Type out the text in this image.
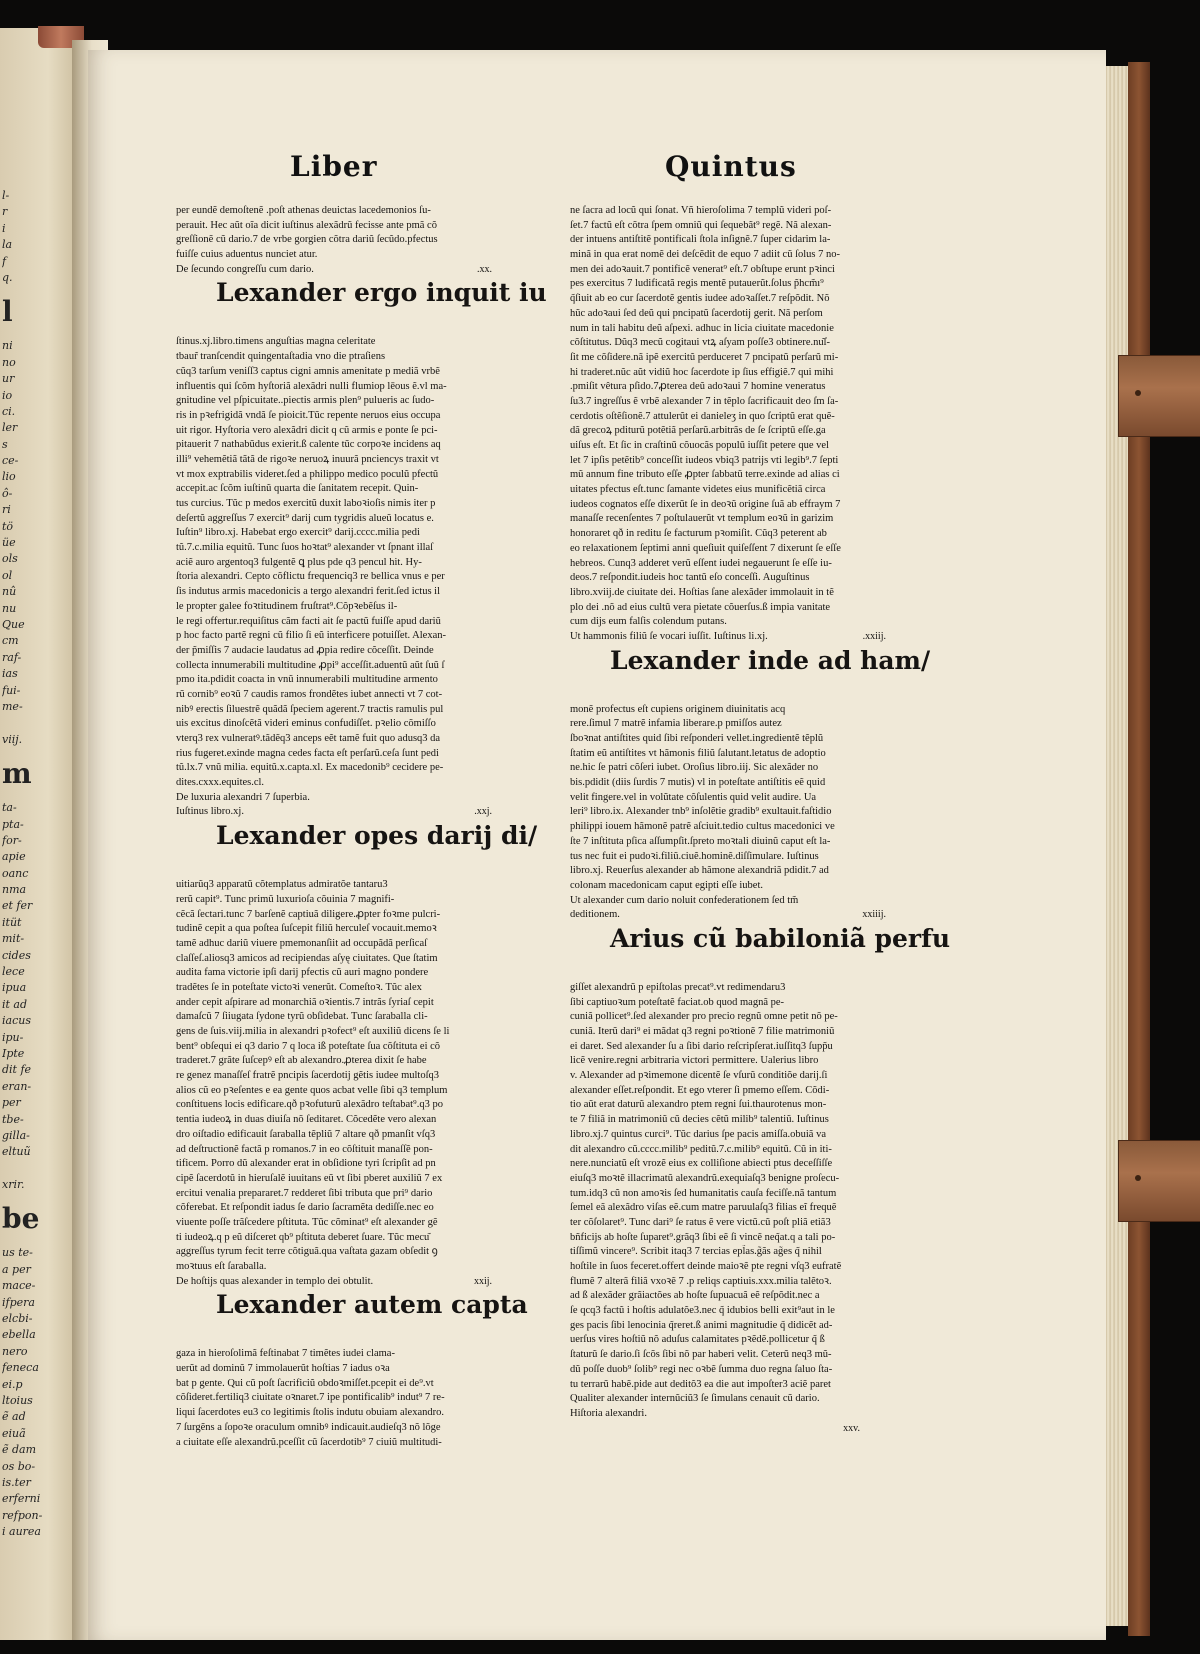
l-
r
i
la
f
q.
l
ni
no
ur
io
ci.
ler
s
ce-
lio
ô-
ri
tö
üe
ols
ol
nû
nu
Que
cm
raf-
ias
fui-
me-
viij.
m
ta-
pta-
for-
apie
oanc
nma
et fer
itüt
mit-
cides
lece
ipua
it ad
iacus
ipu-
Ipte
dit fe
eran-
per
tbe-
gilla-
eltuũ
xrir.
be
us te-
a per
mace-
ifpera
elcbi-
ebella
nero
feneca
ei.p
ltoius
ẽ ad
eiuã
ẽ dam
os bo-
is.ter
erferni
refpon-
i aurea
Liber	Quintus
per eundẽ demoſtenẽ .poſt athenas deuictas lacedemonios ſu-
perauit. Hec aũt oĩa dicit iuſtinus alexãdrũ fecisse ante pmã cõ
greſſionẽ cũ dario.7 de vrbe gorgien cõtra dariũ ſecũdo.pfectus
fuiſſe cuius aduentus nunciet atur.
De ſecundo congreſſu cum dario.	.xx.
Lexander ergo inquit iu
ſtinus.xj.libro.timens anguſtias magna celeritate
tbaur̃ tranſcendit quingentaſtadia vno die ptraſiens
cũq3 tarſum veniſſ3 captus cigni amnis amenitate p mediã vrbẽ
influentis qui ſcõm hyſtoriã alexãdri nulli flumiop lēous ẽ.vl ma-
gnitudine vel pſpicuitate..piectis armis plen⁹ pulueris ac ſudo-
ris in pꝛefrigidã vndã ſe pioicit.Tũc repente neruos eius occupa
uit rigor. Hyſtoria vero alexãdri dicit q cũ armis e ponte ſe pci-
pitauerit 7 nathabũdus exierit.ß calente tũc corpoꝛe incidens aq
illi⁹ vehemẽtiã tãtã de rigoꝛe neruoꝝ inuurã pnciencys traxit vt
vt mox exptrabilis videret.ſed a philippo medico poculũ pfectũ
accepit.ac ſcõm iuſtinũ quarta die ſanitatem recepit. Quin-
tus curcius. Tũc p medos exercitũ duxit laboꝛioſis nimis iter p
deſertũ aggreſſus 7 exercit⁹ darij cum tygridis alueũ locatus e.
Iuſtin⁹ libro.xj. Habebat ergo exercit⁹ darij.cccc.milia pedi
tũ.7.c.milia equitũ. Tunc ſuos hoꝛtat⁹ alexander vt ſpnant illaſ
aciẽ auro argentoq3 fulgentẽ ꝗ plus pde q3 pencul hit. Hy-
ſtoria alexandri. Cepto cõflictu frequenciq3 re bellica vnus e per
ſis indutus armis macedonicis a tergo alexandri ferit.ſed ictus il
le propter galee foꝛtitudinem fruſtrat⁹.Cõpꝛebẽſus il-
le regi offertur.requiſitus cãm facti ait ſe pactũ fuiſſe apud dariũ
p hoc facto partẽ regni cũ filio ſi eũ interficere potuiſſet. Alexan-
der p̃miſſis 7 audacie laudatus ad ꝓpia redire cõceſſit. Deinde
collecta innumerabili multitudine ꝓpi⁹ acceſſit.aduentũ aũt ſuũ ſ
pmo ita.pdidit coacta in vnũ innumerabili multitudine armento
rũ cornib⁹ eoꝛũ 7 caudis ramos frondẽtes iubet annecti vt 7 cot-
nibꝰ erectis ſiluestrẽ quãdã ſpeciem agerent.7 tractis ramulis pul
uis excitus dinoſcẽtã videri eminus confudiſſet. pꝛelio cõmiſſo
vterq3 rex vulneratꝰ.tãdẽq3 anceps eẽt tamẽ fuit quo adusq3 da
rius fugeret.exinde magna cedes facta eſt perſarũ.ceſa ſunt pedi
tũ.lx.7 vnũ milia. equitũ.x.capta.xl. Ex macedonib⁹ cecidere pe-
dites.cxxx.equites.cl.
De luxuria alexandri 7 ſuperbia.
Iuſtinus libro.xj.	.xxj.
Lexander opes darij di/
uitiarũq3 apparatũ cõtemplatus admiratõe tantaru3
rerũ capit⁹. Tunc primũ luxurioſa cõuinia 7 magnifi-
cẽcã ſectari.tunc 7 barſenẽ captiuã diligere.ꝓpter foꝛme pulcri-
tudinẽ cepit a qua poſtea ſuſcepit filiũ herculeſ vocauit.memoꝛ
tamẽ adhuc dariũ viuere pmemonanſiit ad occupãdã perſicaſ
claſſeſ.aliosq3 amicos ad recipiendas aſyę ciuitates. Que ſtatim
audita fama victorie ipſi darij pfectis cũ auri magno pondere
tradẽtes ſe in poteſtate victoꝛi venerũt. Comeſtoꝛ. Tũc alex
ander cepit aſpirare ad monarchiã oꝛientis.7 intrãs ſyriaſ cepit
damaſcũ 7 ſiiugata ſydone tyrũ obſidebat. Tunc ſaraballa cli-
gens de ſuis.viij.milia in alexandri pꝛofect⁹ eſt auxiliũ dicens ſe li
bent⁹ obſequi ei q3 dario 7 q loca iß poteſtate ſua cõſtituta ei cõ
traderet.7 grãte ſuſcepꝰ eſt ab alexandro.ꝓterea dixit ſe habe
re genez manaſſeſ fratrẽ pncipis ſacerdotij gẽtis iudee multoſq3
alios cũ eo pꝛeſentes e ea gente quos acbat velle ſibi q3 templum
conſtituens locis edificare.qð pꝛofuturũ alexãdro teſtabat⁹.q3 po
tentia iudeoꝝ in duas diuiſa nõ ſeditaret. Cõcedẽte vero alexan
dro oíſtadio edificauit ſaraballa tẽpliũ 7 altare qð pmanſit vſq3
ad deſtructionẽ factã p romanos.7 in eo cõſtituit manaſſẽ pon-
tificem. Porro dũ alexander erat in obſidione tyri ſcripſit ad pn
cipẽ ſacerdotũ in hieruſalẽ iuuitans eũ vt ſibi pberet auxiliũ 7 ex
ercitui venalia prepararet.7 redderet ſibi tributa que pri⁹ dario
cõferebat. Et reſpondit iadus ſe dario ſacramẽta dediſſe.nec eo
viuente poſſe trãſcedere pſtituta. Tũc cõminat⁹ eſt alexander gẽ
ti iudeoꝝ.q p eũ diſceret qb⁹ pſtituta deberet ſuare. Tũc mecu͂
aggreſſus tyrum fecit terre cõtiguã.qua vaſtata gazam obſedit ꝯ
moꝛtuus eſt ſaraballa.
De hoſtijs quas alexander in templo dei obtulit.	xxij.
Lexander autem capta
gaza in hieroſolimã feſtinabat 7 timẽtes iudei clama-
uerũt ad dominũ 7 immolauerũt hoſtias 7 iadus oꝛa
bat p gente. Qui cũ poſt ſacrificiũ obdoꝛmiſſet.pcepit ei de⁹.vt
cõſideret.fertiliq3 ciuitate oꝛnaret.7 ipe pontificalib⁹ indut⁹ 7 re-
liqui ſacerdotes eu3 co legitimis ſtolis indutu obuiam alexandro.
7 ſurgẽns a ſopoꝛe oraculum omnibꝰ indicauit.audieſq3 nõ lõge
a ciuitate eſſe alexandrũ.pceſſit cũ ſacerdotib⁹ 7 ciuiũ multitudi-
ne ſacra ad locũ qui ſonat. Vñ hieroſolima 7 templũ videri poſ-
ſet.7 factũ eſt cõtra ſpem omniũ qui ſequebãt⁹ regẽ. Nã alexan-
der intuens antiſtitẽ pontificali ſtola inſignẽ.7 ſuper cidarim la-
minã in qua erat nomẽ dei deſcẽdit de equo 7 adiit cũ ſolus 7 no-
men dei adoꝛauit.7 pontificẽ venerat⁹ eſt.7 obſtupe erunt pꝛinci
pes exercitus 7 ludificatã regis mentẽ putauerũt.ſolus p̃hcm̃ı⁹
q̃ſiuit ab eo cur ſacerdotẽ gentis iudee adoꝛaſſet.7 reſpõdit. Nõ
hũc adoꝛaui ſed deũ qui pncipatũ ſacerdotij gerit. Nã perſom
num in tali habitu deũ aſpexi. adhuc in licia ciuitate macedonie
cõſtitutus. Dũq3 mecũ cogitaui vtꝝ aſyam poſſe3 obtinere.nu͂ſ-
ſit me cõſidere.nã ipẽ exercitũ perduceret 7 pncipatũ perſarũ mi-
hi traderet.nũc aũt vidiũ hoc ſacerdote ip ſius effigiẽ.7 qui mihi
.pmiſit vêtura pſido.7ꝓterea deũ adoꝛaui 7 homine veneratus
ſu3.7 ingreſſus ẽ vrbẽ alexander 7 in tẽplo ſacrificauit deo ſm ſa-
cerdotis oſtẽſionẽ.7 attulerũt ei danieleʒ in quo ſcriptũ erat quẽ-
dã grecoꝝ pditurũ potẽtiã perſarũ.arbitrãs de ſe ſcriptũ eſſe.ga
uiſus eſt. Et ſic in craſtinũ cõuocãs populũ iuſſit petere que vel
let 7 ipſis petẽtib⁹ conceſſit iudeos vbiq3 patrijs vti legib⁹.7 ſepti
mũ annum fine tributo eſſe ꝓpter ſabbatũ terre.exinde ad alias ci
uitates pfectus eſt.tunc ſamante videtes eius munificẽtiã circa
iudeos cognatos eſſe dixerũt ſe in deoꝛũ origine ſuã ab effraym 7
manaſſe recenſentes 7 poſtulauerũt vt templum eoꝛũ in garizim
honoraret qð in reditu ſe facturum pꝛomiſit. Cũq3 peterent ab
eo relaxationem ſeptimi anni queſiuit quiſeſſent 7 dixerunt ſe eſſe
hebreos. Cunq3 adderet verũ eſſent iudei negauerunt ſe eſſe iu-
deos.7 reſpondit.iudeis hoc tantũ eſo conceſſi. Auguſtinus
libro.xviij.de ciuitate dei. Hoſtias ſane alexãder immolauit in tẽ
plo dei .nõ ad eius cultũ vera pietate cõuerſus.ß impia vanitate
cum dijs eum falſis colendum putans.
Ut hammonis filiũ ſe vocari iuſſit. Iuſtinus li.xj.	.xxiij.
Lexander inde ad ham/
monẽ profectus eſt cupiens originem diuinitatis acq
rere.ſimul 7 matrẽ infamia liberare.p pmiſſos autez
ſboꝛnat antiſtites quid ſibi reſponderi vellet.ingredientẽ tẽplũ
ſtatim eũ antiſtites vt hãmonis filiũ ſalutant.letatus de adoptio
ne.hic ſe patri cõſeri iubet. Oroſius libro.iij. Sic alexãder no
bis.pdidit (diis ſurdis 7 mutis) vl in poteſtate antiſtitis eẽ quid
velit fingere.vel in volũtate cõſulentis quid velit audire. Ua
leri⁹ libro.ix. Alexander tnb⁹ inſolẽtie gradib⁹ exultauit.faſtidio
philippi iouem hãmonẽ patrẽ aſciuit.tedio cultus macedonici ve
ſte 7 inſtituta pſica aſſumpſit.ſpreto moꝛtali diuinũ caput eſt la-
tus nec fuit ei pudoꝛi.filiũ.ciuẽ.hominẽ.diſſimulare. Iuſtinus
libro.xj. Reuerſus alexander ab hãmone alexandriã pdidit.7 ad
colonam macedonicam caput egipti eſſe iubet.
Ut alexander cum dario noluit confederationem ſed tm̃
deditionem.	xxiiij.
Arius cũ babiloniã perfu
giſſet alexandrũ p epiſtolas precat⁹.vt redimendaru3
ſibi captiuoꝛum poteſtatẽ faciat.ob quod magnã pe-
cuniã pollicet⁹.ſed alexander pro precio regnũ omne petit nõ pe-
cuniã. Iterũ dari⁹ ei mãdat q3 regni poꝛtionẽ 7 filie matrimoniũ
ei daret. Sed alexander ſu a ſibi dario reſcripſerat.iuſſitq3 ſupp̃u
licẽ venire.regni arbitraria victori permittere. Ualerius libro
v. Alexander ad pꝛimemone dicentẽ ſe vſurũ conditiõe darij.ſi
alexander eſſet.reſpondit. Et ego vterer ſi pmemo eſſem. Cõdi-
tio aũt erat daturũ alexandro ptem regni ſui.thaurotenus mon-
te 7 filiã in matrimoniũ cũ decies cẽtũ milib⁹ talentiũ. Iuſtinus
libro.xj.7 quintus curci⁹. Tũc darius ſpe pacis amiſſa.obuiã va
dit alexandro cũ.cccc.milib⁹ peditũ.7.c.milib⁹ equitũ. Cũ in iti-
nere.nunciatũ eſt vrozẽ eius ex colliſione abiecti ptus deceſſiſſe
eiuſq3 moꝛtẽ illacrimatũ alexandrũ.exequiaſq3 benigne proſecu-
tum.idq3 cũ non amoꝛis ſed humanitatis cauſa feciſſe.nã tantum
ſemel eã alexãdro viſas eẽ.cum matre paruulaſq3 filias eĩ frequẽ
ter cõſolaret⁹. Tunc dari⁹ ſe ratus ẽ vere victũ.cũ poſt pliã etiã3
bñficijs ab hoſte ſuparet⁹.grãq3 ſibi eẽ ſi vincẽ neq̃at.q a tali po-
tiſſimũ vincere⁹. Scribit itaq3 7 tercias epl̃as.g̃ãs ag̃es q̃ nihil
hoſtile in ſuos feceret.offert deinde maioꝛẽ pte regni vſq3 eufratẽ
flumẽ 7 alterã filiã vxoꝛẽ 7 .p reliqs captiuis.xxx.milia talẽtoꝛ.
ad ß alexãder grãiactões ab hoſte ſupuacuã eẽ reſpõdit.nec a
ſe qcq3 factũ i hoſtis adulatõe3.nec q̃ idubios belli exit⁹aut in le
ges pacis ſibi lenocinia q̃reret.ß animi magnitudie q̃ didicẽt ad-
uerſus vires hoſtiũ nõ aduſus calamitates pꝛẽdẽ.pollicetur q̃ ß
ſtaturũ ſe dario.ſi ſcõs ſibi nõ par haberi velit. Ceterũ neq3 mũ-
dũ poſſe duob⁹ ſolib⁹ regi nec oꝛbẽ ſumma duo regna ſaluo ſta-
tu terrarũ habẽ.pide aut deditõ3 ea die aut impoſter3 aciẽ paret
Qualiter alexander internũciũ3 ſe ſimulans cenauit cũ dario.
Hiſtoria alexandri.
xxv.
